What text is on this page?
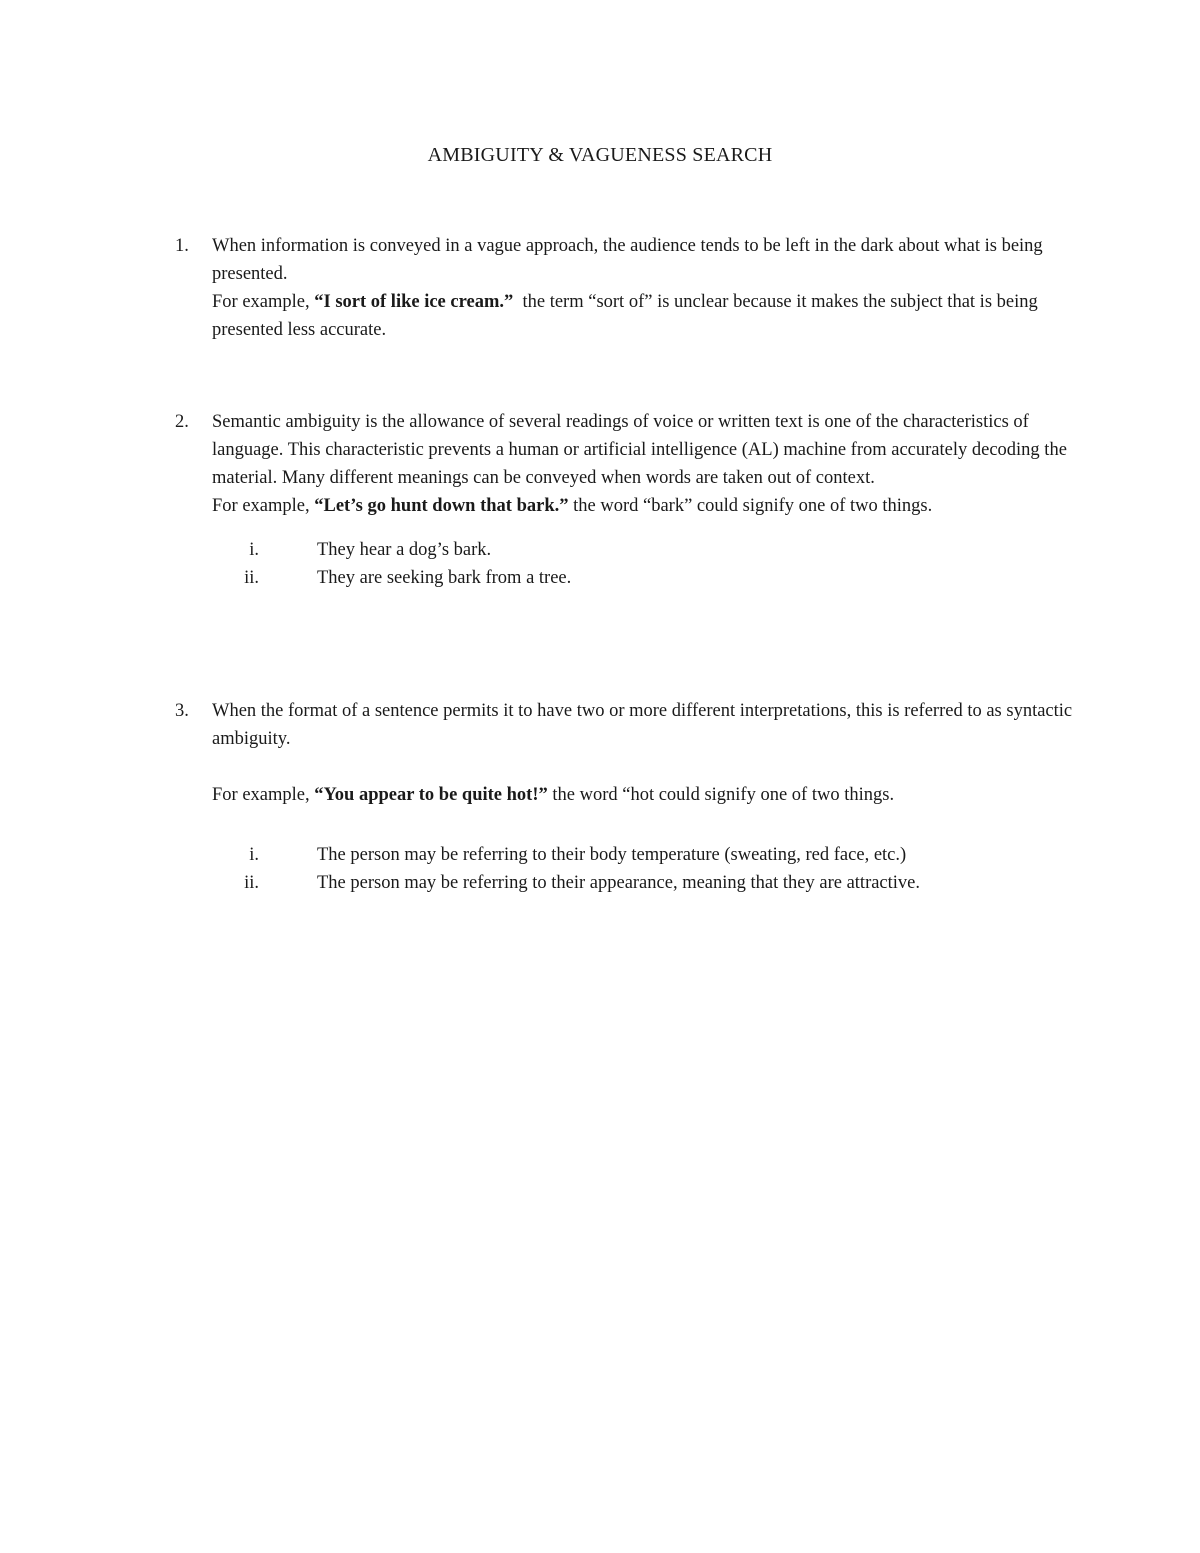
AMBIGUITY & VAGUENESS SEARCH
1.	When information is conveyed in a vague approach, the audience tends to be left in the dark about what is being presented.

For example, “I sort of like ice cream.”  the term “sort of” is unclear because it makes the subject that is being presented less accurate.

2.	Semantic ambiguity is the allowance of several readings of voice or written text is one of the characteristics of language. This characteristic prevents a human or artificial intelligence (AL) machine from accurately decoding the material. Many different meanings can be conveyed when words are taken out of context.

For example, “Let’s go hunt down that bark.” the word “bark” could signify one of two things.

i.	They hear a dog’s bark.
ii.	They are seeking bark from a tree.
3.	When the format of a sentence permits it to have two or more different interpretations, this is referred to as syntactic ambiguity.

For example, “You appear to be quite hot!” the word “hot could signify one of two things.

i.	The person may be referring to their body temperature (sweating, red face, etc.)
ii.	The person may be referring to their appearance, meaning that they are attractive.
